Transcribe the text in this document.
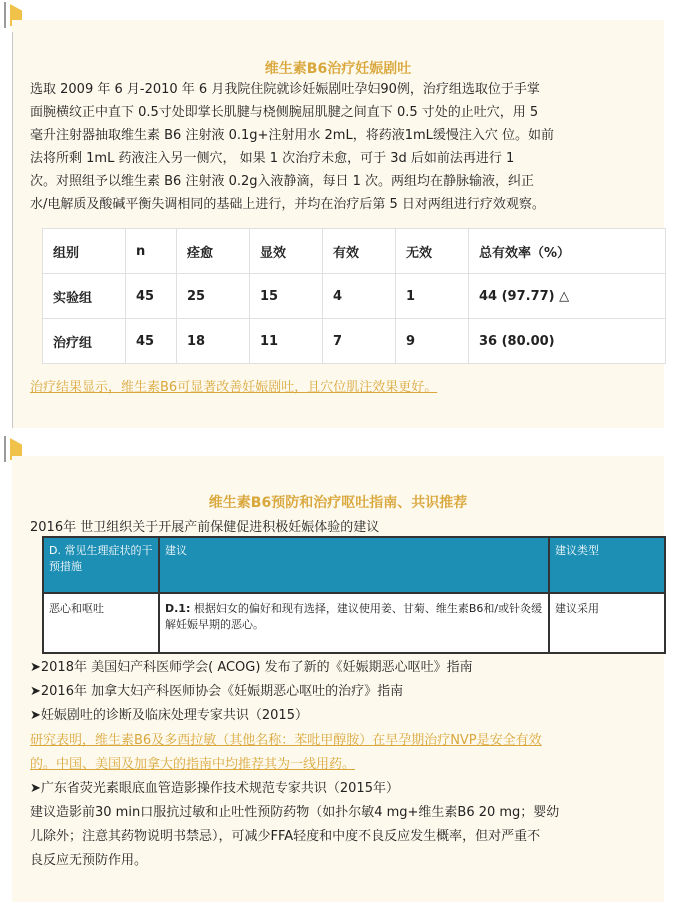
维生素B6治疗妊娠剧吐
选取 2009 年 6 月-2010 年 6 月我院住院就诊妊娠剧吐孕妇90例，治疗组选取位于手掌
面腕横纹正中直下 0.5寸处即掌长肌腱与桡侧腕屈肌腱之间直下 0.5 寸处的止吐穴，用 5
毫升注射器抽取维生素 B6 注射液 0.1g+注射用水 2mL，将药液1mL缓慢注入穴 位。如前
法将所剩 1mL 药液注入另一侧穴， 如果 1 次治疗未愈，可于 3d 后如前法再进行 1
次。对照组予以维生素 B6 注射液 0.2g入液静滴，每日 1 次。两组均在静脉输液，纠正
水/电解质及酸碱平衡失调相同的基础上进行，并均在治疗后第 5 日对两组进行疗效观察。
组别	n	痊愈	显效	有效	无效	总有效率（%）
实验组	45	25	15	4	1	44 (97.77) △
治疗组	45	18	11	7	9	36 (80.00)
治疗结果显示，维生素B6可显著改善妊娠剧吐，且穴位肌注效果更好。
维生素B6预防和治疗呕吐指南、共识推荐
2016年 世卫组织关于开展产前保健促进积极妊娠体验的建议
D. 常见生理症状的干预措施	建议	建议类型
恶心和呕吐	D.1: 根据妇女的偏好和现有选择，建议使用姜、甘菊、维生素B6和/或针灸缓解妊娠早期的恶心。	建议采用
➤2018年 美国妇产科医师学会( ACOG) 发布了新的《妊娠期恶心呕吐》指南
➤2016年 加拿大妇产科医师协会《妊娠期恶心呕吐的治疗》指南
➤妊娠剧吐的诊断及临床处理专家共识（2015）
研究表明，维生素B6及多西拉敏（其他名称：苯吡甲醇胺）在早孕期治疗NVP是安全有效
的。中国、美国及加拿大的指南中均推荐其为一线用药。
➤广东省荧光素眼底血管造影操作技术规范专家共识（2015年）
建议造影前30 min口服抗过敏和止吐性预防药物（如扑尔敏4 mg+维生素B6 20 mg；婴幼
儿除外；注意其药物说明书禁忌），可减少FFA轻度和中度不良反应发生概率，但对严重不
良反应无预防作用。
